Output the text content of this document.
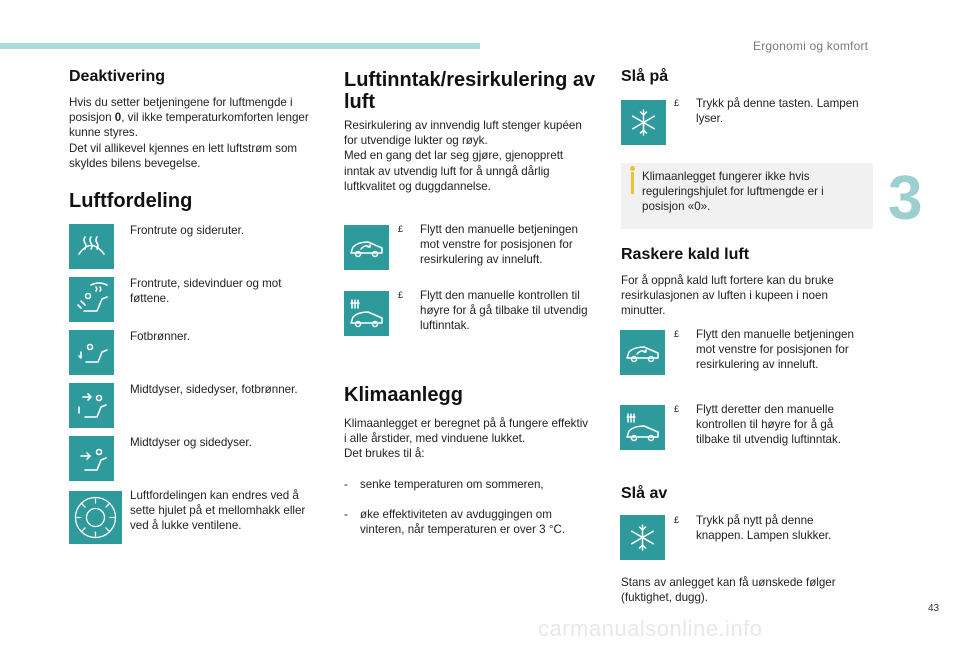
Ergonomi og komfort
3
Deaktivering
Hvis du setter betjeningene for luftmengde i
posisjon 0, vil ikke temperaturkomforten lenger
kunne styres.
Det vil allikevel kjennes en lett luftstrøm som
skyldes bilens bevegelse.
Luftfordeling
Frontrute og sideruter.
Frontrute, sidevinduer og mot
føttene.
Fotbrønner.
Midtdyser, sidedyser, fotbrønner.
Midtdyser og sidedyser.
Luftfordelingen kan endres ved å
sette hjulet på et mellomhakk eller
ved å lukke ventilene.
Luftinntak/resirkulering av
luft
Resirkulering av innvendig luft stenger kupéen
for utvendige lukter og røyk.
Med en gang det lar seg gjøre, gjenopprett
inntak av utvendig luft for å unngå dårlig
luftkvalitet og duggdannelse.
£	Flytt den manuelle betjeningen
mot venstre for posisjonen for
resirkulering av inneluft.
£	Flytt den manuelle kontrollen til
høyre for å gå tilbake til utvendig
luftinntak.
Klimaanlegg
Klimaanlegget er beregnet på å fungere effektiv
i alle årstider, med vinduene lukket.
Det brukes til å:

- senke temperaturen om sommeren,

- øke effektiviteten av avduggingen om
vinteren, når temperaturen er over 3 °C.

Slå på
£	Trykk på denne tasten. Lampen
lyser.
Klimaanlegget fungerer ikke hvis
reguleringshjulet for luftmengde er i
posisjon «0».
Raskere kald luft
For å oppnå kald luft fortere kan du bruke
resirkulasjonen av luften i kupeen i noen
minutter.
£	Flytt den manuelle betjeningen
mot venstre for posisjonen for
resirkulering av inneluft.
£	Flytt deretter den manuelle
kontrollen til høyre for å gå
tilbake til utvendig luftinntak.
Slå av
£	Trykk på nytt på denne
knappen. Lampen slukker.
Stans av anlegget kan få uønskede følger
(fuktighet, dugg).
43
carmanualsonline.info
